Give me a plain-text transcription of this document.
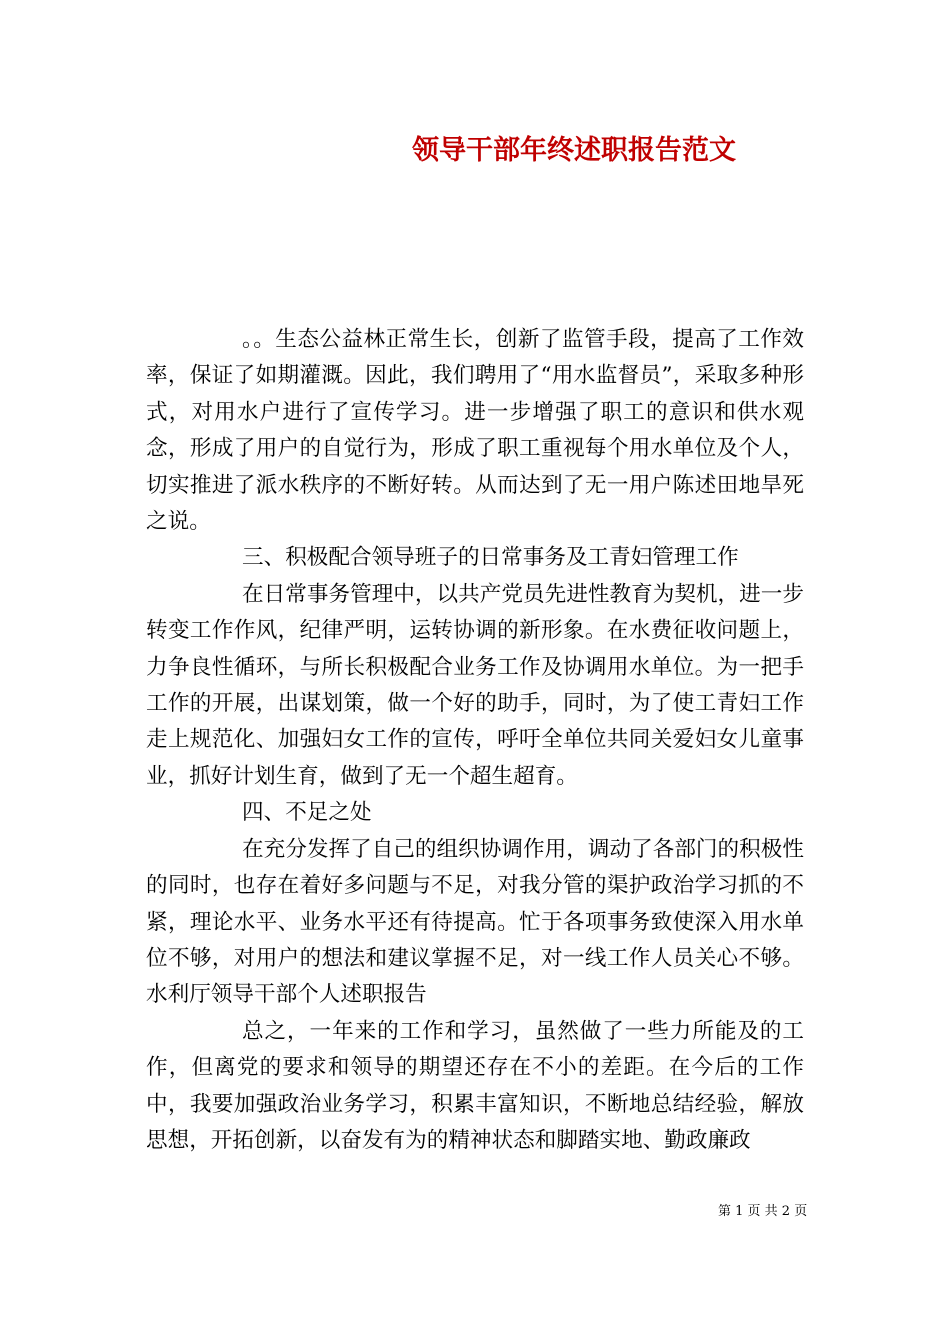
领导干部年终述职报告范文

。。生态公益林正常生长，创新了监管手段，提高了工作效率，保证了如期灌溉。因此，我们聘用了“用水监督员”，采取多种形式，对用水户进行了宣传学习。进一步增强了职工的意识和供水观念，形成了用户的自觉行为，形成了职工重视每个用水单位及个人，切实推进了派水秩序的不断好转。从而达到了无一用户陈述田地旱死之说。

三、积极配合领导班子的日常事务及工青妇管理工作

在日常事务管理中，以共产党员先进性教育为契机，进一步转变工作作风，纪律严明，运转协调的新形象。在水费征收问题上，力争良性循环，与所长积极配合业务工作及协调用水单位。为一把手工作的开展，出谋划策，做一个好的助手，同时，为了使工青妇工作走上规范化、加强妇女工作的宣传，呼吁全单位共同关爱妇女儿童事业，抓好计划生育，做到了无一个超生超育。

四、不足之处

在充分发挥了自己的组织协调作用，调动了各部门的积极性的同时，也存在着好多问题与不足，对我分管的渠护政治学习抓的不紧，理论水平、业务水平还有待提高。忙于各项事务致使深入用水单位不够，对用户的想法和建议掌握不足，对一线工作人员关心不够。水利厅领导干部个人述职报告

总之，一年来的工作和学习，虽然做了一些力所能及的工作，但离党的要求和领导的期望还存在不小的差距。在今后的工作中，我要加强政治业务学习，积累丰富知识，不断地总结经验，解放思想，开拓创新，以奋发有为的精神状态和脚踏实地、勤政廉政

第 1 页 共 2 页
